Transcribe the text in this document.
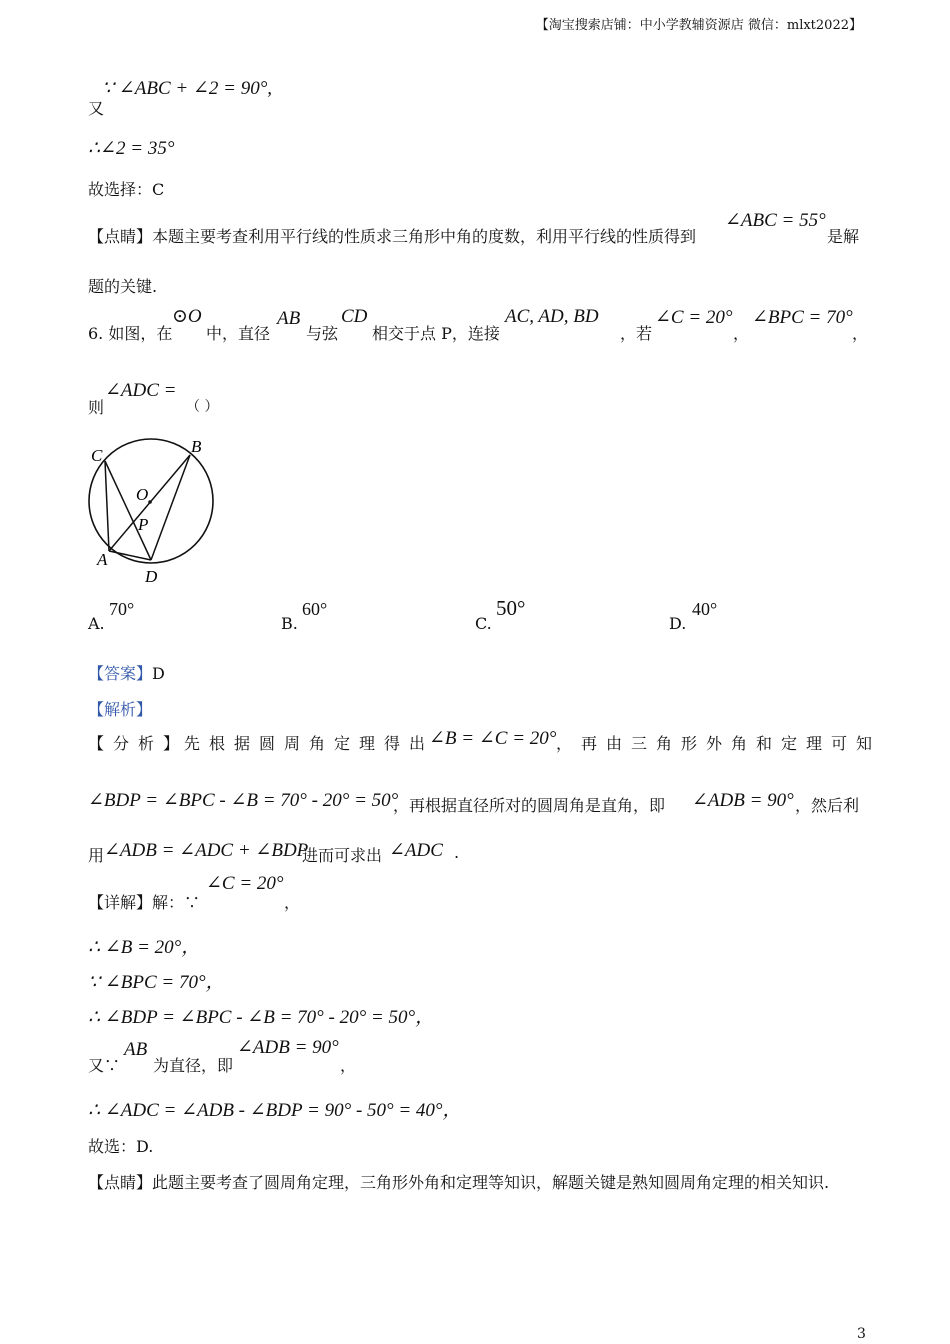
【淘宝搜索店铺：中小学教辅资源店 微信：mlxt2022】
又
∵ ∠ABC + ∠2 = 90°,
∴∠2 = 35°
故选择：C
【点睛】本题主要考查利用平行线的性质求三角形中角的度数，利用平行线的性质得到
∠ABC = 55°
是解
题的关键.
6. 如图，在
⊙O
中，直径
AB
与弦
CD
相交于点 P，连接
AC, AD, BD
，若
∠C = 20°
，
∠BPC = 70°
，
则
∠ADC =
（ ）
C	B
O
P
A
D
A.
70°
B.
60°
C.
50°
D.
40°
【答案】D
【解析】
【分析】
先根据圆周角定理得出
∠B = ∠C = 20° ，再由三角形外角和定理可知
∠BDP = ∠BPC - ∠B = 70° - 20° = 50°
，再根据直径所对的圆周角是直角，即 ∠ADB = 90° ，然后利
用 ∠ADB = ∠ADC + ∠BDP
进而可求出 ∠ADC .
【详解】解：∵
∠C = 20°
，
∴ ∠B = 20°，
∵ ∠BPC = 70°，
∴ ∠BDP = ∠BPC - ∠B = 70° - 20° = 50°，
又∵
AB
为直径，即
∠ADB = 90°
，
∴ ∠ADC = ∠ADB - ∠BDP = 90° - 50° = 40°，
故选：D.
【点睛】此题主要考查了圆周角定理，三角形外角和定理等知识，解题关键是熟知圆周角定理的相关知识.
3
